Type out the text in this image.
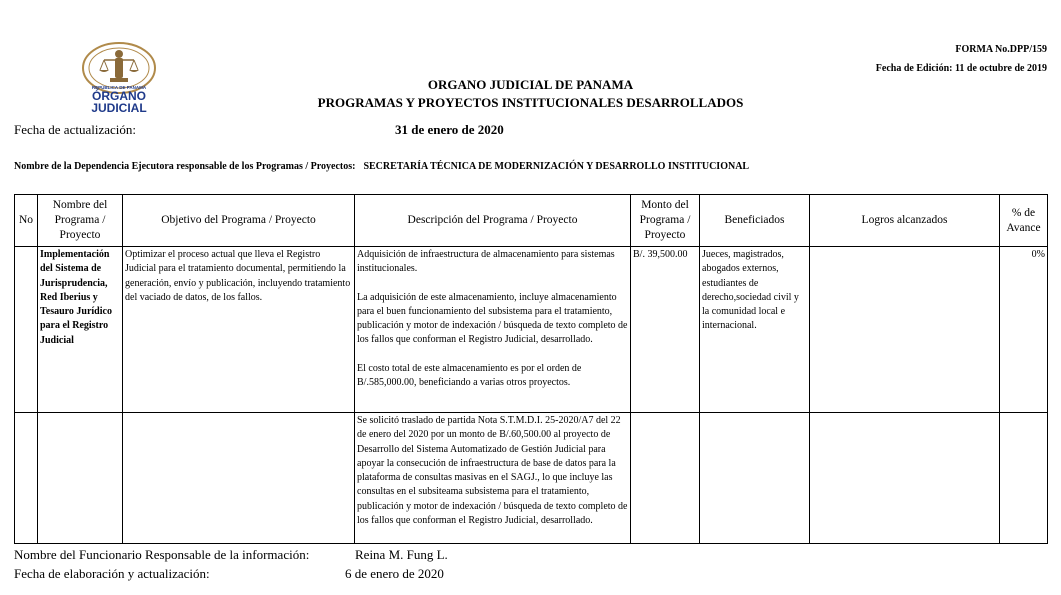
REPÚBLICA DE PANAMÁ
ÓRGANO
JUDICIAL
FORMA No.DPP/159
Fecha de Edición: 11 de octubre de 2019
ORGANO JUDICIAL DE PANAMA
PROGRAMAS Y PROYECTOS INSTITUCIONALES DESARROLLADOS
Fecha de actualización:	31 de enero de 2020
Nombre de la Dependencia Ejecutora responsable de los Programas / Proyectos: SECRETARÍA TÉCNICA DE MODERNIZACIÓN Y DESARROLLO INSTITUCIONAL
No	Nombre del Programa / Proyecto	Objetivo del Programa / Proyecto	Descripción del Programa / Proyecto	Monto del Programa / Proyecto	Beneficiados	Logros alcanzados	% de Avance
	Implementación del Sistema de Jurisprudencia, Red Iberius y Tesauro Jurídico para el Registro Judicial	Optimizar el proceso actual que lleva el Registro Judicial para el tratamiento documental, permitiendo la generación, envío y publicación, incluyendo tratamiento del vaciado de datos, de los fallos.	Adquisición de infraestructura de almacenamiento para sistemas institucionales.

La adquisición de este almacenamiento, incluye almacenamiento para el buen funcionamiento del subsistema para el tratamiento, publicación y motor de indexación / búsqueda de texto completo de los fallos que conforman el Registro Judicial, desarrollado.

El costo total de este almacenamiento es por el orden de B/.585,000.00, beneficiando a varias otros proyectos.	B/. 39,500.00	Jueces, magistrados, abogados externos, estudiantes de derecho,sociedad civil y la comunidad local e internacional.		0%

			Se solicitó traslado de partida Nota S.T.M.D.I. 25-2020/A7 del 22 de enero del 2020 por un monto de B/.60,500.00 al proyecto de Desarrollo del Sistema Automatizado de Gestión Judicial para apoyar la consecución de infraestructura de base de datos para la plataforma de consultas masivas en el SAGJ., lo que incluye las consultas en el subsiteama subsistema para el tratamiento, publicación y motor de indexación / búsqueda de texto completo de los fallos que conforman el Registro Judicial, desarrollado.				

Nombre del Funcionario Responsable de la información:	Reina M. Fung L.
Fecha de elaboración y actualización:	6 de enero de 2020
